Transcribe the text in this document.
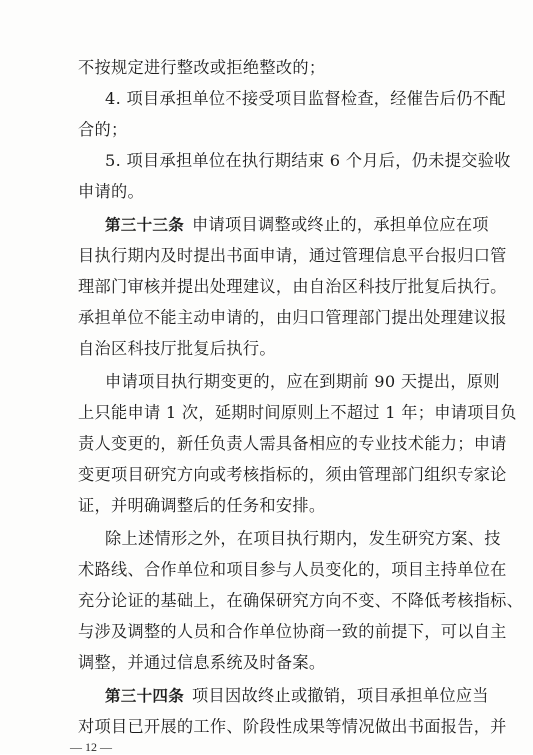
不按规定进行整改或拒绝整改的；
4. 项目承担单位不接受项目监督检查，经催告后仍不配
合的；
5. 项目承担单位在执行期结束 6 个月后，仍未提交验收
申请的。
第三十三条 申请项目调整或终止的，承担单位应在项
目执行期内及时提出书面申请，通过管理信息平台报归口管
理部门审核并提出处理建议，由自治区科技厅批复后执行。
承担单位不能主动申请的，由归口管理部门提出处理建议报
自治区科技厅批复后执行。
申请项目执行期变更的，应在到期前 90 天提出，原则
上只能申请 1 次，延期时间原则上不超过 1 年；申请项目负
责人变更的，新任负责人需具备相应的专业技术能力；申请
变更项目研究方向或考核指标的，须由管理部门组织专家论
证，并明确调整后的任务和安排。
除上述情形之外，在项目执行期内，发生研究方案、技
术路线、合作单位和项目参与人员变化的，项目主持单位在
充分论证的基础上，在确保研究方向不变、不降低考核指标、
与涉及调整的人员和合作单位协商一致的前提下，可以自主
调整，并通过信息系统及时备案。
第三十四条 项目因故终止或撤销，项目承担单位应当
对项目已开展的工作、阶段性成果等情况做出书面报告，并
— 12 —
